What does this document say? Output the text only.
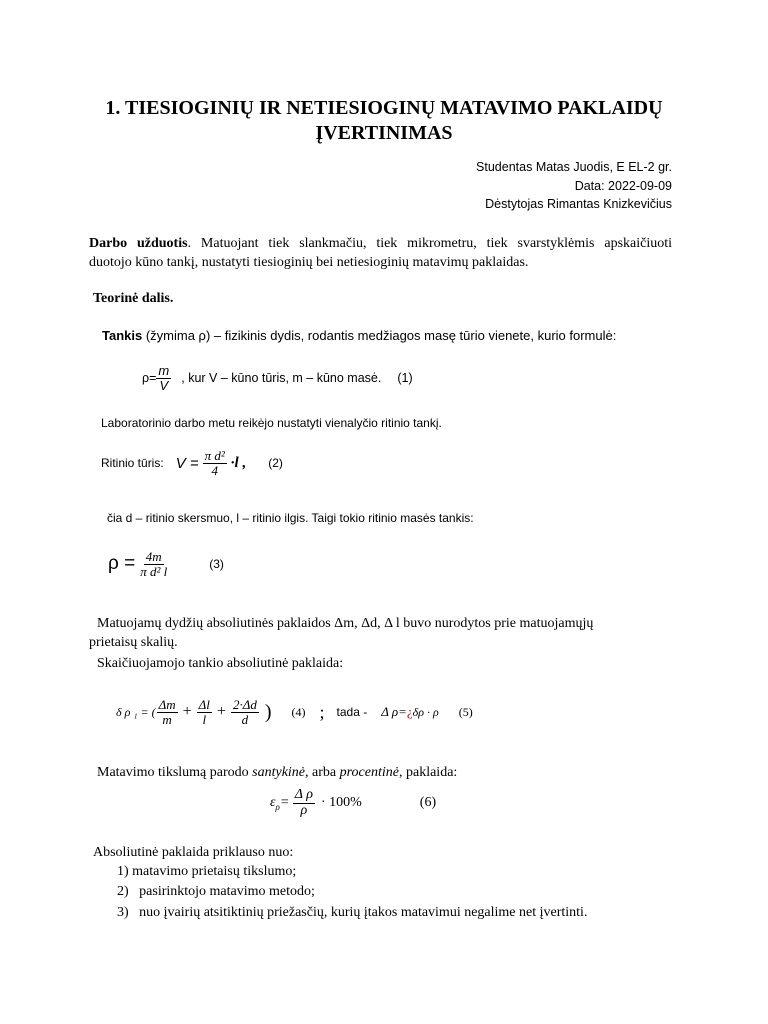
1. TIESIOGINIŲ IR NETIESIOGINŲ MATAVIMO PAKLAIDŲ
ĮVERTINIMAS
Studentas Matas Juodis, E EL-2 gr.
Data: 2022-09-09
Dėstytojas Rimantas Knizkevičius
Darbo užduotis. Matuojant tiek slankmačiu, tiek mikrometru, tiek svarstyklėmis apskaičiuoti
duotojo kūno tankį, nustatyti tiesioginių bei netiesioginių matavimų paklaidas.
Teorinė dalis.
Tankis (žymima ρ) – fizikinis dydis, rodantis medžiagos masę tūrio vienete, kurio formulė:
$\rho= \frac{m}{V}$ , kur V – kūno tūris, m – kūno masė. (1)
Laboratorinio darbo metu reikėjo nustatyti vienalyčio ritinio tankį.
Ritinio tūris: $V = \frac{\text{π d²}}{4} \cdot l$ , (2)
čia d – ritinio skersmuo, l – ritinio ilgis. Taigi tokio ritinio masės tankis:
$\rho = \frac{4m}{\text{π d² l}}$	(3)
Matuojamų dydžių absoliutinės paklaidos Δm, Δd, Δ l buvo nurodytos prie matuojamųjų
prietaisų skalių.
Skaičiuojamojo tankio absoliutinė paklaida:
δ ρ ₁ = ( $\frac{\Delta m}{m} + \frac{\Delta l}{l} + \frac{2\cdot\Delta d}{d}$ ) (4) ; tada - Δ ρ= ¿ δρ · ρ (5)
Matavimo tikslumą parodo santykinė, arba procentinė, paklaida:
ε $\rho = \frac{\text{Δ ρ}}{\rho} \cdot 100\%$	(6)
Absoliutinė paklaida priklauso nuo:
1) matavimo prietaisų tikslumo;
2)   pasirinktojo matavimo metodo;
3)   nuo įvairių atsitiktinių priežasčių, kurių įtakos matavimui negalime net įvertinti.
